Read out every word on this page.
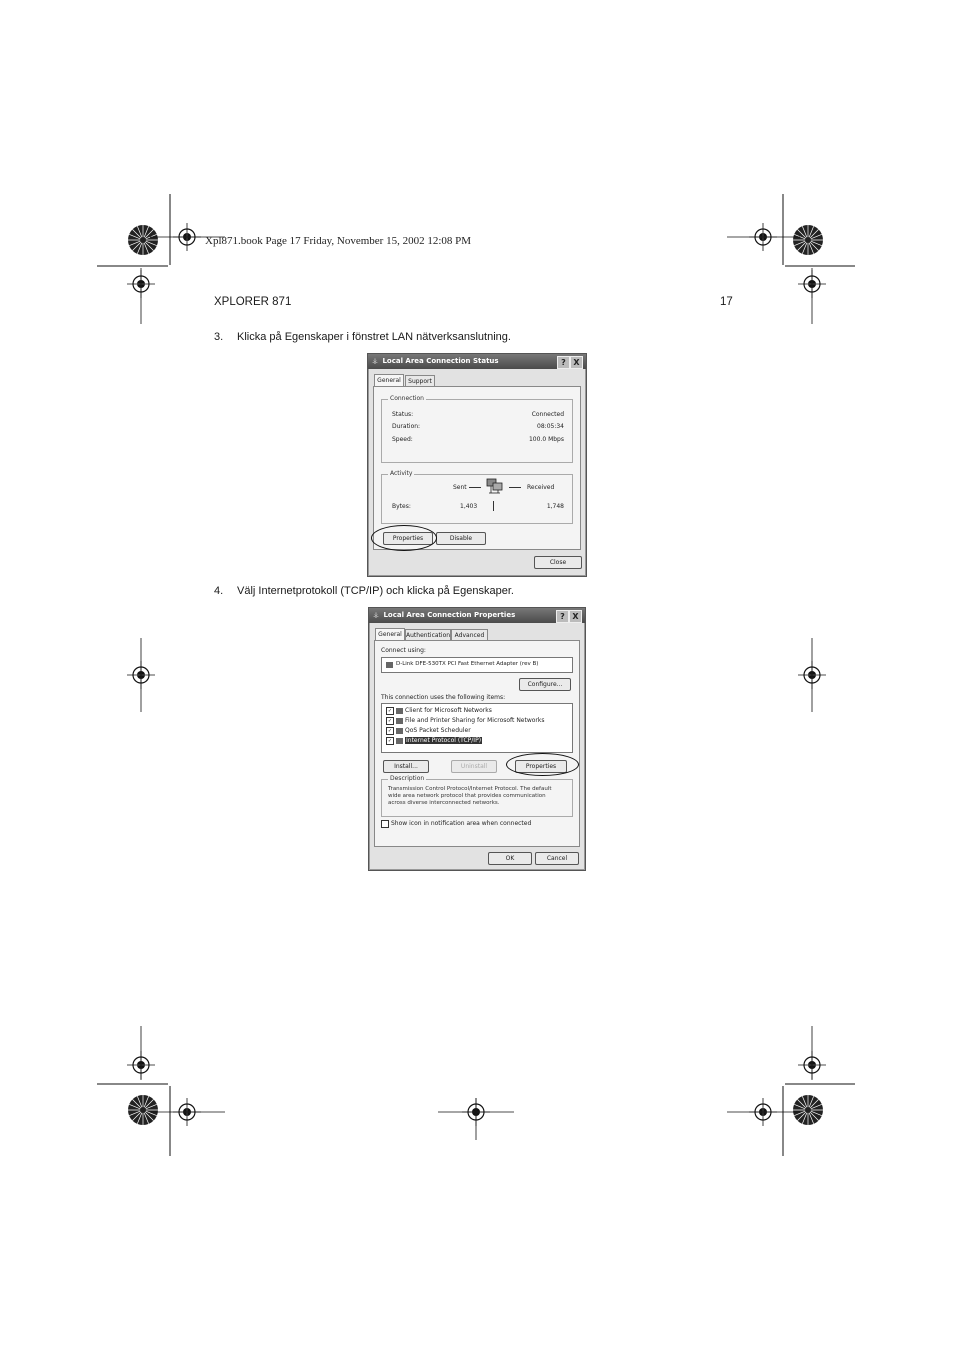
Xpl871.book Page 17 Friday, November 15, 2002 12:08 PM
XPLORER 871	17
3. Klicka på Egenskaper i fönstret LAN nätverksanslutning.
⚶ Local Area Connection Status	? X
General	Support
Connection
Status:	Connected
Duration:	08:05:34
Speed:	100.0 Mbps
Activity
Sent	Received
Bytes:	1,403	1,748
Properties	Disable
Close
4. Välj Internetprotokoll (TCP/IP) och klicka på Egenskaper.
⚶ Local Area Connection Properties	? X
General Authentication Advanced
Connect using:
D-Link DFE-530TX PCI Fast Ethernet Adapter (rev B)
Configure...
This connection uses the following items:
✓ Client for Microsoft Networks
✓ File and Printer Sharing for Microsoft Networks
✓ QoS Packet Scheduler
✓ Internet Protocol (TCP/IP)
Install...	Uninstall	Properties
Description
Transmission Control Protocol/Internet Protocol. The default wide area network protocol that provides communication across diverse interconnected networks.
Show icon in notification area when connected
OK	Cancel
